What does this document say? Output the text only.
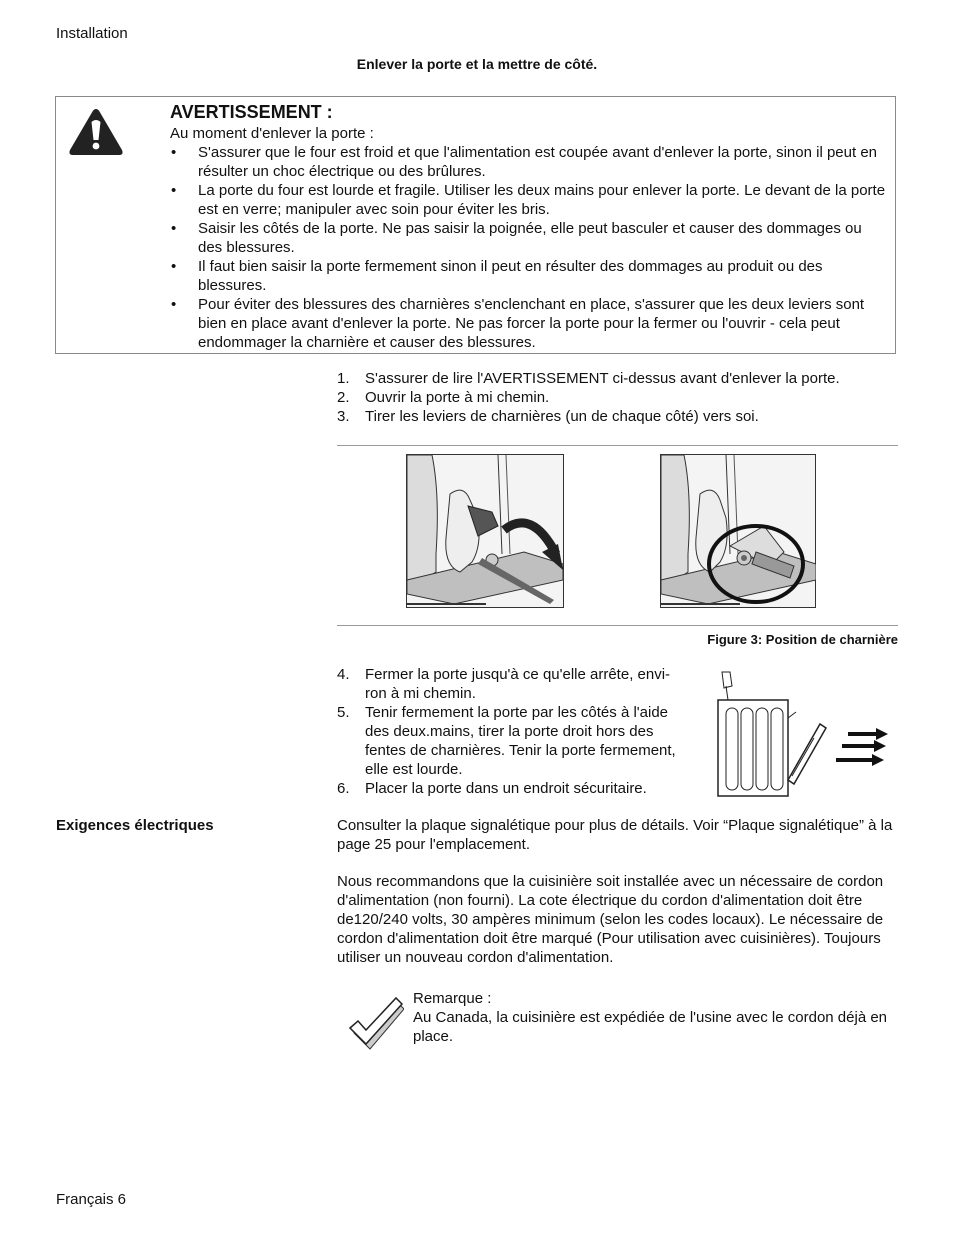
Installation
Enlever la porte et la mettre de côté.
AVERTISSEMENT :
Au moment d'enlever la porte :
• S'assurer que le four est froid et que l'alimentation est coupée avant d'enlever la porte, sinon il peut en résulter un choc électrique ou des brûlures.
• La porte du four est lourde et fragile. Utiliser les deux mains pour enlever la porte. Le devant de la porte est en verre; manipuler avec soin pour éviter les bris.
• Saisir les côtés de la porte. Ne pas saisir la poignée, elle peut basculer et causer des dommages ou des blessures.
• Il faut bien saisir la porte fermement sinon il peut en résulter des dommages au produit ou des blessures.
• Pour éviter des blessures des charnières s'enclenchant en place, s'assurer que les deux leviers sont bien en place avant d'enlever la porte. Ne pas forcer la porte pour la fermer ou l'ouvrir - cela peut endommager la charnière et causer des blessures.
1. S'assurer de lire l'AVERTISSEMENT ci-dessus avant d'enlever la porte.
2. Ouvrir la porte à mi chemin.
3. Tirer les leviers de charnières (un de chaque côté) vers soi.
Figure 3: Position de charnière
4. Fermer la porte jusqu'à ce qu'elle arrête, envi- ron à mi chemin.
5. Tenir fermement la porte par les côtés à l'aide des deux.mains, tirer la porte droit hors des fentes de charnières. Tenir la porte fermement, elle est lourde.
6. Placer la porte dans un endroit sécuritaire.
Exigences électriques	Consulter la plaque signalétique pour plus de détails. Voir “Plaque signalétique” à la page 25 pour l'emplacement.
Nous recommandons que la cuisinière soit installée avec un nécessaire de cordon d'alimentation (non fourni). La cote électrique du cordon d'alimentation doit être de120/240 volts, 30 ampères minimum (selon les codes locaux). Le nécessaire de cordon d'alimentation doit être marqué (Pour utilisation avec cuisinières). Toujours utiliser un nouveau cordon d'alimentation.
Remarque :
Au Canada, la cuisinière est expédiée de l'usine avec le cordon déjà en place.
Français 6
